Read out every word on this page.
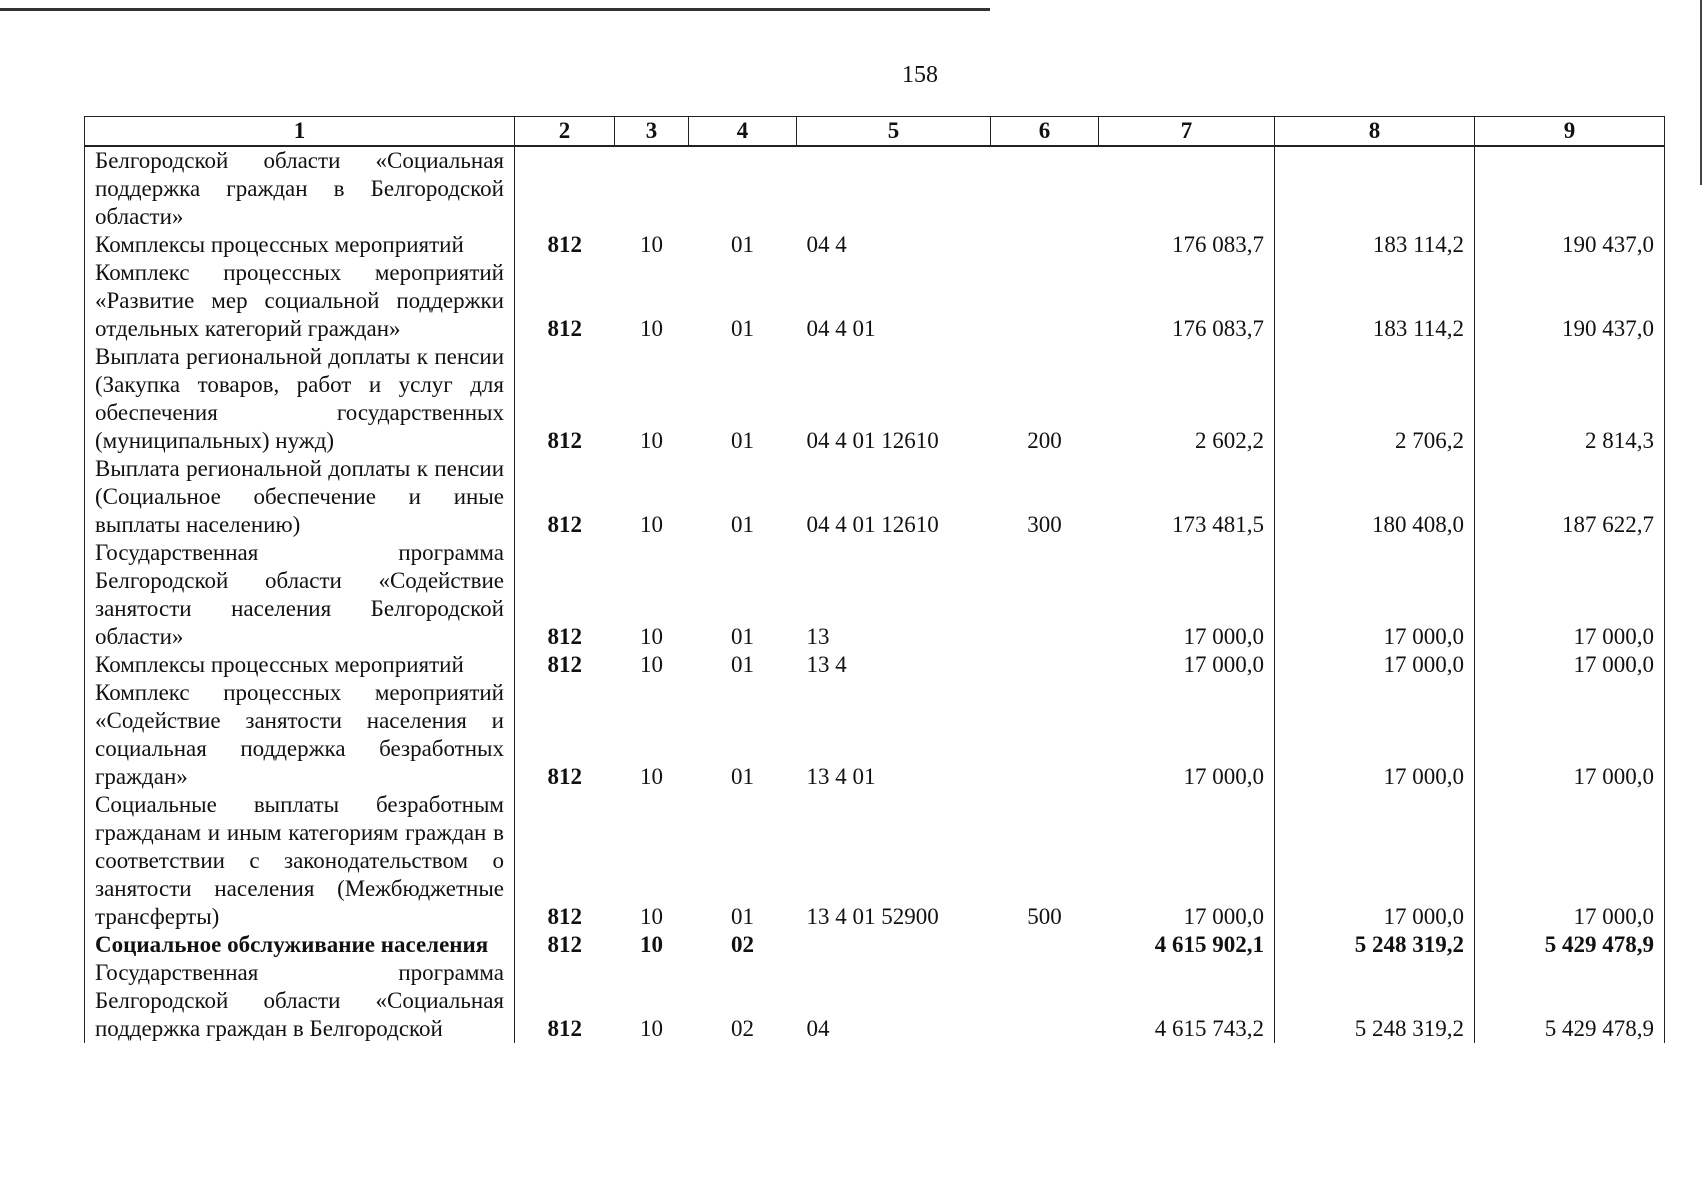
158
1	2	3	4	5	6	7	8	9
Белгородской области «Социальная поддержка граждан в Белгородской области»								
Комплексы процессных мероприятий	812	10	01	04 4		176 083,7	183 114,2	190 437,0
Комплекс процессных мероприятий «Развитие мер социальной поддержки отдельных категорий граждан»	812	10	01	04 4 01		176 083,7	183 114,2	190 437,0
Выплата региональной доплаты к пенсии (Закупка товаров, работ и услуг для обеспечения государственных (муниципальных) нужд)	812	10	01	04 4 01 12610	200	2 602,2	2 706,2	2 814,3
Выплата региональной доплаты к пенсии (Социальное обеспечение и иные выплаты населению)	812	10	01	04 4 01 12610	300	173 481,5	180 408,0	187 622,7
Государственная программа Белгородской области «Содействие занятости населения Белгородской области»	812	10	01	13		17 000,0	17 000,0	17 000,0
Комплексы процессных мероприятий	812	10	01	13 4		17 000,0	17 000,0	17 000,0
Комплекс процессных мероприятий «Содействие занятости населения и социальная поддержка безработных граждан»	812	10	01	13 4 01		17 000,0	17 000,0	17 000,0
Социальные выплаты безработным гражданам и иным категориям граждан в соответствии с законодательством о занятости населения (Межбюджетные трансферты)	812	10	01	13 4 01 52900	500	17 000,0	17 000,0	17 000,0
Социальное обслуживание населения	812	10	02			4 615 902,1	5 248 319,2	5 429 478,9
Государственная программа Белгородской области «Социальная поддержка граждан в Белгородской	812	10	02	04		4 615 743,2	5 248 319,2	5 429 478,9
